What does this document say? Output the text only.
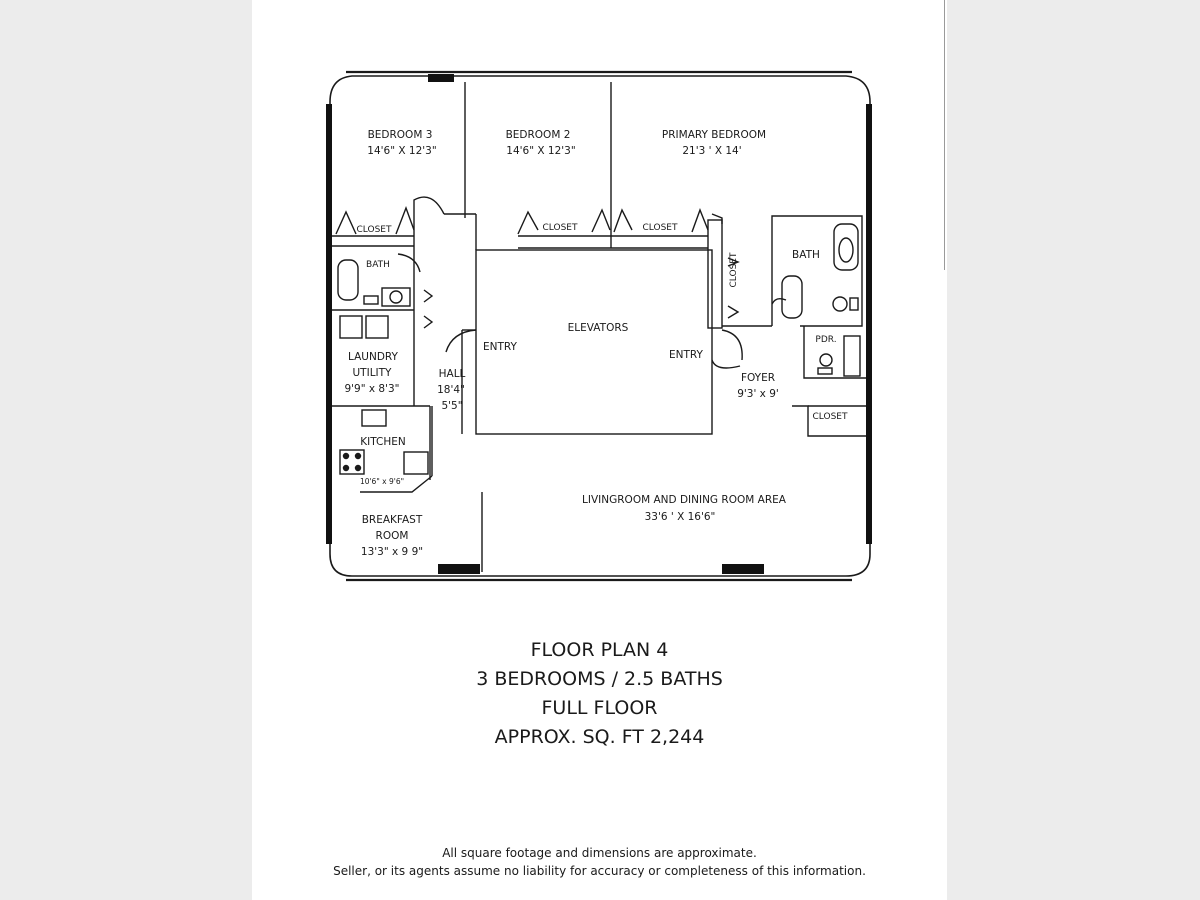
BEDROOM 3
14'6" X 12'3"
BEDROOM 2
14'6" X 12'3"
PRIMARY BEDROOM
21'3 ' X 14'
CLOSET	CLOSET	CLOSET
CLOSET
CLOSET
BATH
BATH
PDR.
LAUNDRY
UTILITY
9'9" x 8'3"
HALL
18'4"
5'5"
KITCHEN
10'6" x 9'6"
ELEVATORS
ENTRY
ENTRY
FOYER
9'3' x 9'
BREAKFAST
ROOM
13'3" x 9 9"
LIVINGROOM AND DINING ROOM AREA
33'6 ' X 16'6"
FLOOR PLAN 4
3 BEDROOMS / 2.5 BATHS
FULL FLOOR
APPROX. SQ. FT 2,244
All square footage and dimensions are approximate.
Seller, or its agents assume no liability for accuracy or completeness of this information.
